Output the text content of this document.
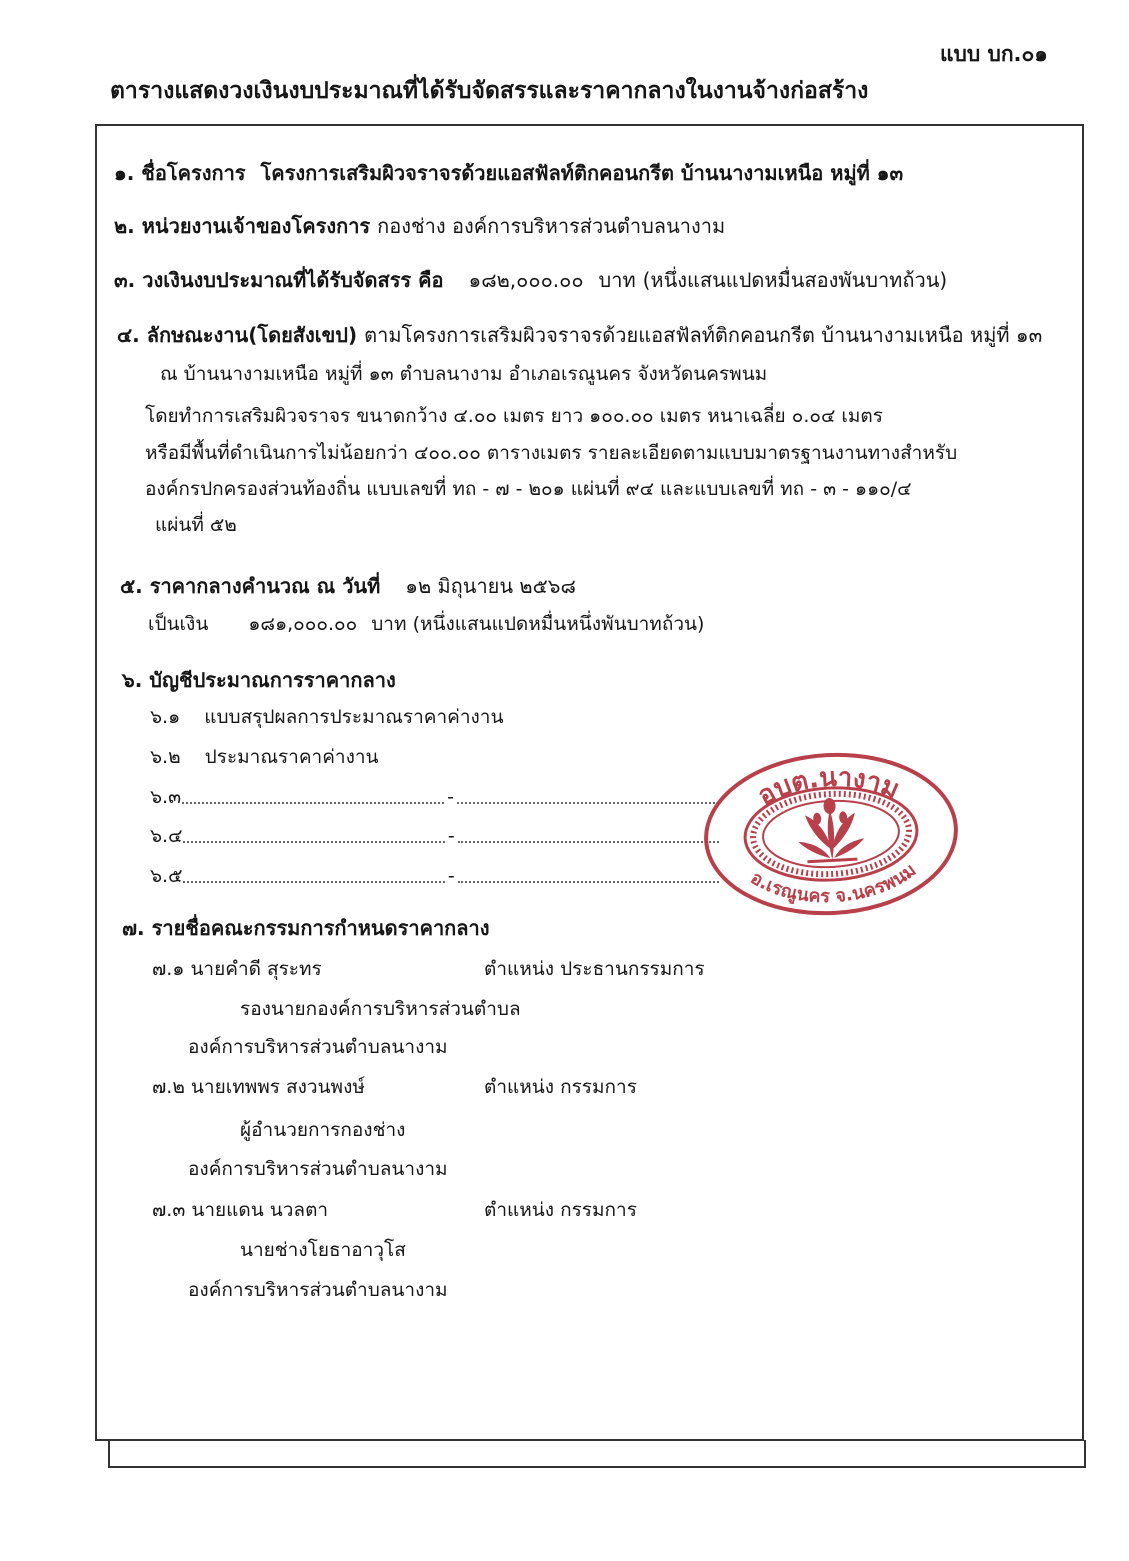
แบบ บก.๐๑
ตารางแสดงวงเงินงบประมาณที่ได้รับจัดสรรและราคากลางในงานจ้างก่อสร้าง
๑. ชื่อโครงการ โครงการเสริมผิวจราจรด้วยแอสฟัลท์ติกคอนกรีต บ้านนางามเหนือ หมู่ที่ ๑๓
๒. หน่วยงานเจ้าของโครงการ กองช่าง องค์การบริหารส่วนตำบลนางาม
๓. วงเงินงบประมาณที่ได้รับจัดสรร คือ ๑๘๒,๐๐๐.๐๐ บาท (หนึ่งแสนแปดหมื่นสองพันบาทถ้วน)
๔. ลักษณะงาน(โดยสังเขป) ตามโครงการเสริมผิวจราจรด้วยแอสฟัลท์ติกคอนกรีต บ้านนางามเหนือ หมู่ที่ ๑๓
ณ บ้านนางามเหนือ หมู่ที่ ๑๓ ตำบลนางาม อำเภอเรณูนคร จังหวัดนครพนม
โดยทำการเสริมผิวจราจร ขนาดกว้าง ๔.๐๐ เมตร ยาว ๑๐๐.๐๐ เมตร หนาเฉลี่ย ๐.๐๔ เมตร
หรือมีพื้นที่ดำเนินการไม่น้อยกว่า ๔๐๐.๐๐ ตารางเมตร รายละเอียดตามแบบมาตรฐานงานทางสำหรับ
องค์กรปกครองส่วนท้องถิ่น แบบเลขที่ ทถ - ๗ - ๒๐๑ แผ่นที่ ๙๔ และแบบเลขที่ ทถ - ๓ - ๑๑๐/๔
แผ่นที่ ๕๒
๕. ราคากลางคำนวณ ณ วันที่ ๑๒ มิถุนายน ๒๕๖๘
เป็นเงิน ๑๘๑,๐๐๐.๐๐ บาท (หนึ่งแสนแปดหมื่นหนึ่งพันบาทถ้วน)
๖. บัญชีประมาณการราคากลาง
๖.๑ แบบสรุปผลการประมาณราคาค่างาน
๖.๒ ประมาณราคาค่างาน
๖.๓	-
๖.๔	-
๖.๕	-
๗. รายชื่อคณะกรรมการกำหนดราคากลาง
๗.๑ นายคำดี สุระทร	ตำแหน่ง ประธานกรรมการ
รองนายกองค์การบริหารส่วนตำบล
องค์การบริหารส่วนตำบลนางาม
๗.๒ นายเทพพร สงวนพงษ์	ตำแหน่ง กรรมการ
ผู้อำนวยการกองช่าง
องค์การบริหารส่วนตำบลนางาม
๗.๓ นายแดน นวลตา	ตำแหน่ง กรรมการ
นายช่างโยธาอาวุโส
องค์การบริหารส่วนตำบลนางาม
อบต.นางาม
อ.เรณูนคร จ.นครพนม
